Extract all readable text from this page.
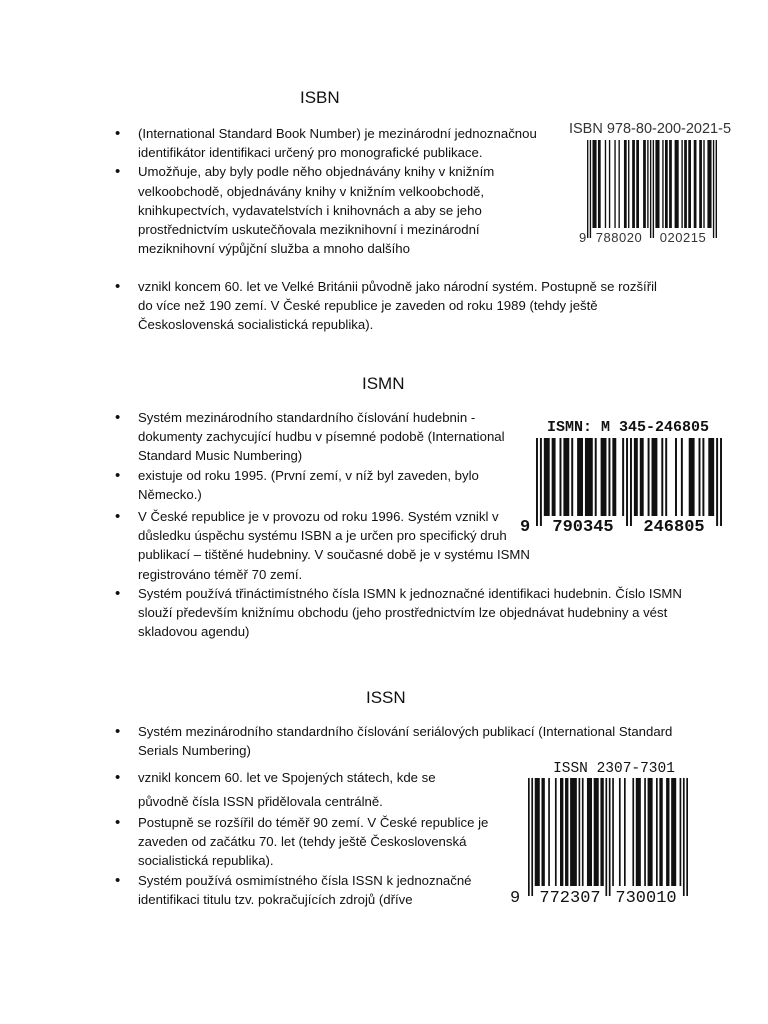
ISBN
• (International Standard Book Number) je mezinárodní jednoznačnou identifikátor identifikaci určený pro monografické publikace.
• Umožňuje, aby byly podle něho objednávány knihy v knižním velkoobchodě, objednávány knihy v knižním velkoobchodě, knihkupectvích, vydavatelstvích i knihovnách a aby se jeho prostřednictvím uskutečňovala meziknihovní i mezinárodní meziknihovní výpůjční služba a mnoho dalšího
• vznikl koncem 60. let ve Velké Británii původně jako národní systém. Postupně se rozšířil do více než 190 zemí. V České republice je zaveden od roku 1989 (tehdy ještě Československá socialistická republika).
ISBN 978-80-200-2021-5
9 788020 020215
ISMN
• Systém mezinárodního standardního číslování hudebnin - dokumenty zachycující hudbu v písemné podobě (International Standard Music Numbering)
• existuje od roku 1995. (První zemí, v níž byl zaveden, bylo Německo.)
• V České republice je v provozu od roku 1996. Systém vznikl v důsledku úspěchu systému ISBN a je určen pro specifický druh publikací – tištěné hudebniny. V současné době je v systému ISMN registrováno téměř 70 zemí.
• Systém používá třináctimístného čísla ISMN k jednoznačné identifikaci hudebnin. Číslo ISMN slouží především knižnímu obchodu (jeho prostřednictvím lze objednávat hudebniny a vést skladovou agendu)
ISMN: M 345-246805
9 790345 246805
ISSN
• Systém mezinárodního standardního číslování seriálových publikací (International Standard Serials Numbering)
• vznikl koncem 60. let ve Spojených státech, kde se původně čísla ISSN přidělovala centrálně.
• Postupně se rozšířil do téměř 90 zemí. V České republice je zaveden od začátku 70. let (tehdy ještě Československá socialistická republika).
• Systém používá osmimístného čísla ISSN k jednoznačné identifikaci titulu tzv. pokračujících zdrojů (dříve
ISSN 2307-7301
9 772307 730010
